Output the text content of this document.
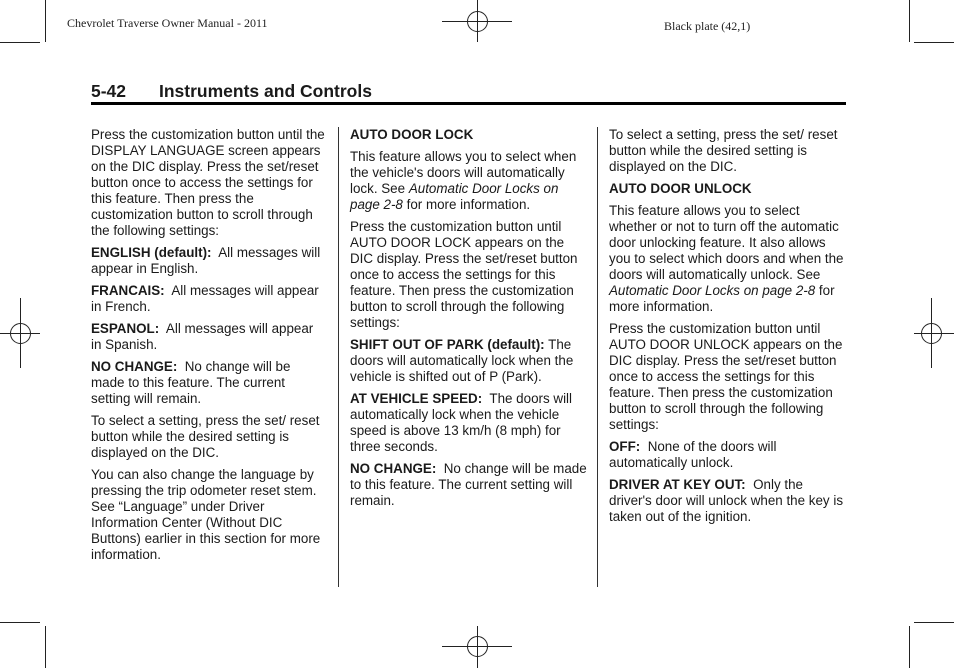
Chevrolet Traverse Owner Manual - 2011	Black plate (42,1)
5-42 Instruments and Controls

Press the customization button until the DISPLAY LANGUAGE screen appears on the DIC display. Press the set/reset button once to access the settings for this feature. Then press the customization button to scroll through the following settings:

ENGLISH (default): All messages will appear in English.

FRANCAIS: All messages will appear in French.

ESPANOL: All messages will appear in Spanish.

NO CHANGE: No change will be made to this feature. The current setting will remain.

To select a setting, press the set/ reset button while the desired setting is displayed on the DIC.

You can also change the language by pressing the trip odometer reset stem. See “Language” under Driver Information Center (Without DIC Buttons) earlier in this section for more information.

AUTO DOOR LOCK

This feature allows you to select when the vehicle's doors will automatically lock. See Automatic Door Locks on page 2-8 for more information.

Press the customization button until AUTO DOOR LOCK appears on the DIC display. Press the set/reset button once to access the settings for this feature. Then press the customization button to scroll through the following settings:

SHIFT OUT OF PARK (default): The doors will automatically lock when the vehicle is shifted out of P (Park).

AT VEHICLE SPEED: The doors will automatically lock when the vehicle speed is above 13 km/h (8 mph) for three seconds.

NO CHANGE: No change will be made to this feature. The current setting will remain.

To select a setting, press the set/ reset button while the desired setting is displayed on the DIC.

AUTO DOOR UNLOCK

This feature allows you to select whether or not to turn off the automatic door unlocking feature. It also allows you to select which doors and when the doors will automatically unlock. See Automatic Door Locks on page 2-8 for more information.

Press the customization button until AUTO DOOR UNLOCK appears on the DIC display. Press the set/reset button once to access the settings for this feature. Then press the customization button to scroll through the following settings:

OFF: None of the doors will automatically unlock.

DRIVER AT KEY OUT: Only the driver's door will unlock when the key is taken out of the ignition.
